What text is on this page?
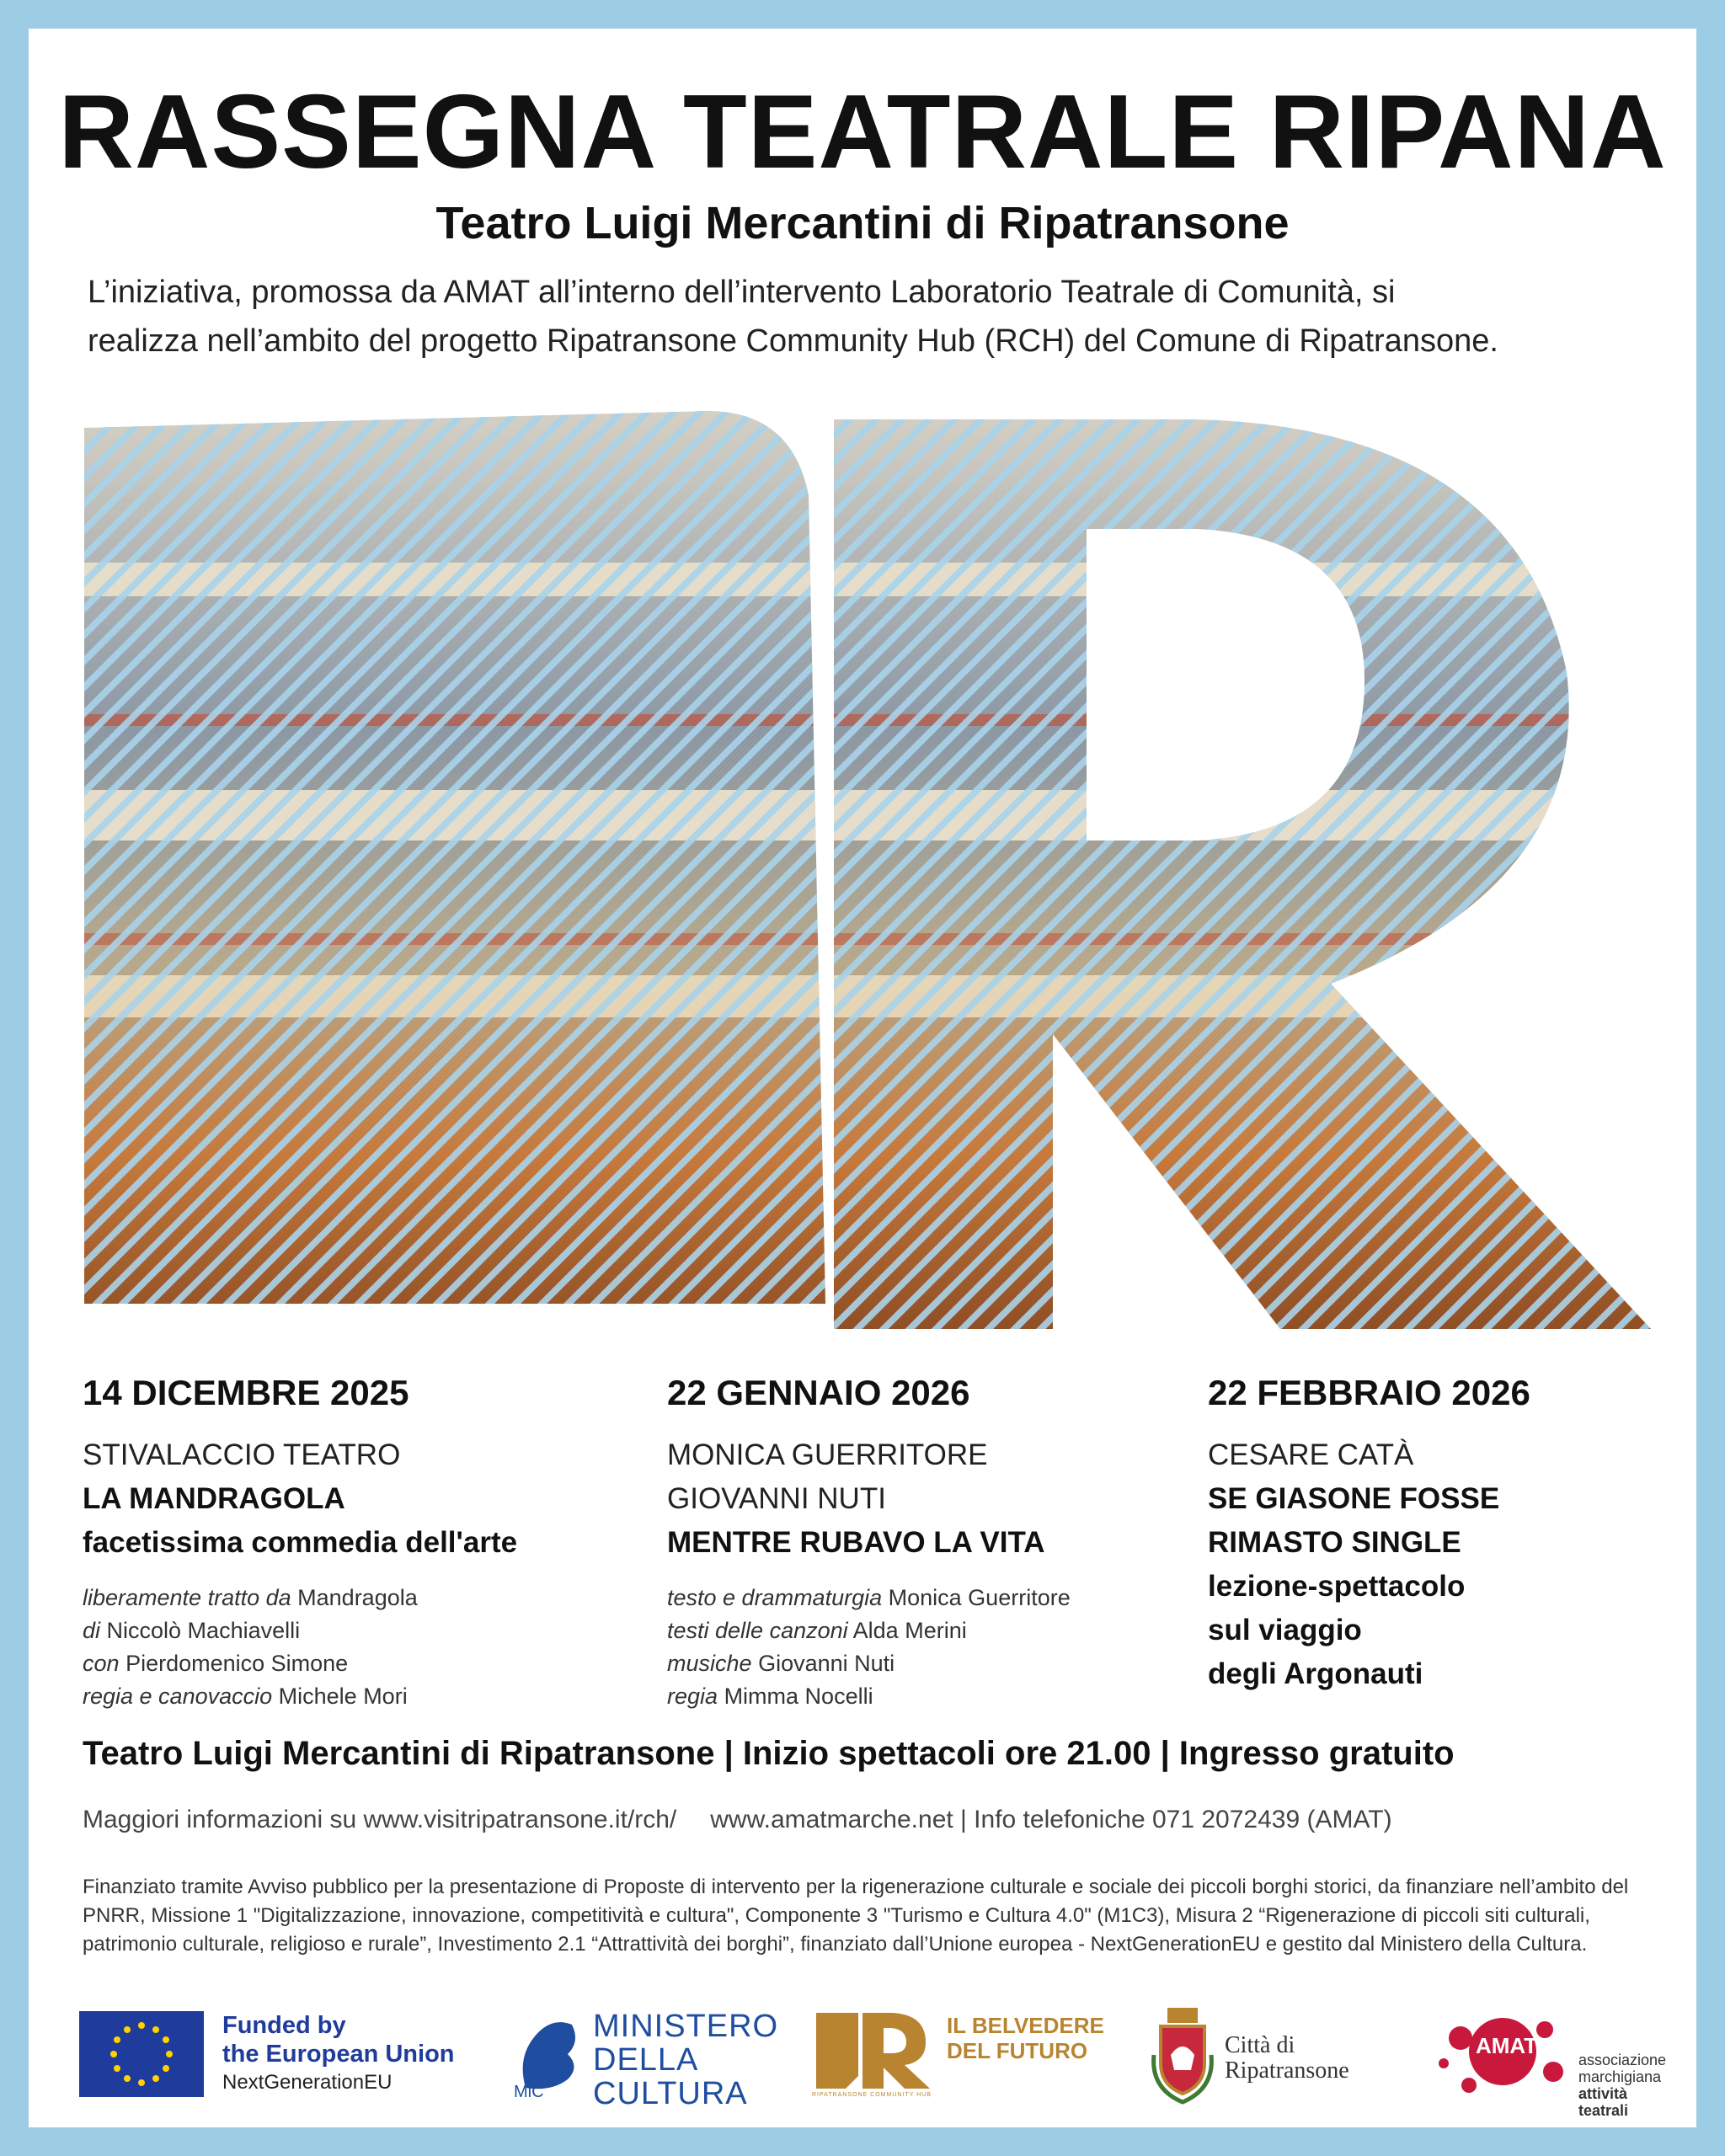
RASSEGNA TEATRALE RIPANA
Teatro Luigi Mercantini di Ripatransone
L’iniziativa, promossa da AMAT all’interno dell’intervento Laboratorio Teatrale di Comunità, si
realizza nell’ambito del progetto Ripatransone Community Hub (RCH) del Comune di Ripatransone.
14 DICEMBRE 2025
STIVALACCIO TEATRO
LA MANDRAGOLA
facetissima commedia dell'arte
liberamente tratto da Mandragola
di Niccolò Machiavelli
con Pierdomenico Simone
regia e canovaccio Michele Mori
22 GENNAIO 2026
MONICA GUERRITORE
GIOVANNI NUTI
MENTRE RUBAVO LA VITA
testo e drammaturgia Monica Guerritore
testi delle canzoni Alda Merini
musiche Giovanni Nuti
regia Mimma Nocelli
22 FEBBRAIO 2026
CESARE CATÀ
SE GIASONE FOSSE
RIMASTO SINGLE
lezione-spettacolo
sul viaggio
degli Argonauti
Teatro Luigi Mercantini di Ripatransone | Inizio spettacoli ore 21.00 | Ingresso gratuito
Maggiori informazioni su www.visitripatransone.it/rch/ www.amatmarche.net | Info telefoniche 071 2072439 (AMAT)
Finanziato tramite Avviso pubblico per la presentazione di Proposte di intervento per la rigenerazione culturale e sociale dei piccoli borghi storici, da finanziare nell’ambito del PNRR, Missione 1 "Digitalizzazione, innovazione, competitività e cultura", Componente 3 "Turismo e Cultura 4.0" (M1C3), Misura 2 “Rigenerazione di piccoli siti culturali, patrimonio culturale, religioso e rurale”, Investimento 2.1 “Attrattività dei borghi”, finanziato dall’Unione europea - NextGenerationEU e gestito dal Ministero della Cultura.
Funded by
the European Union
NextGenerationEU	MiC
MINISTERO
DELLA
CULTURA	RIPATRANSONE COMMUNITY HUB
IL BELVEDERE
DEL FUTURO	Città di
Ripatransone
AMAT
associazione
marchigiana
attività teatrali
